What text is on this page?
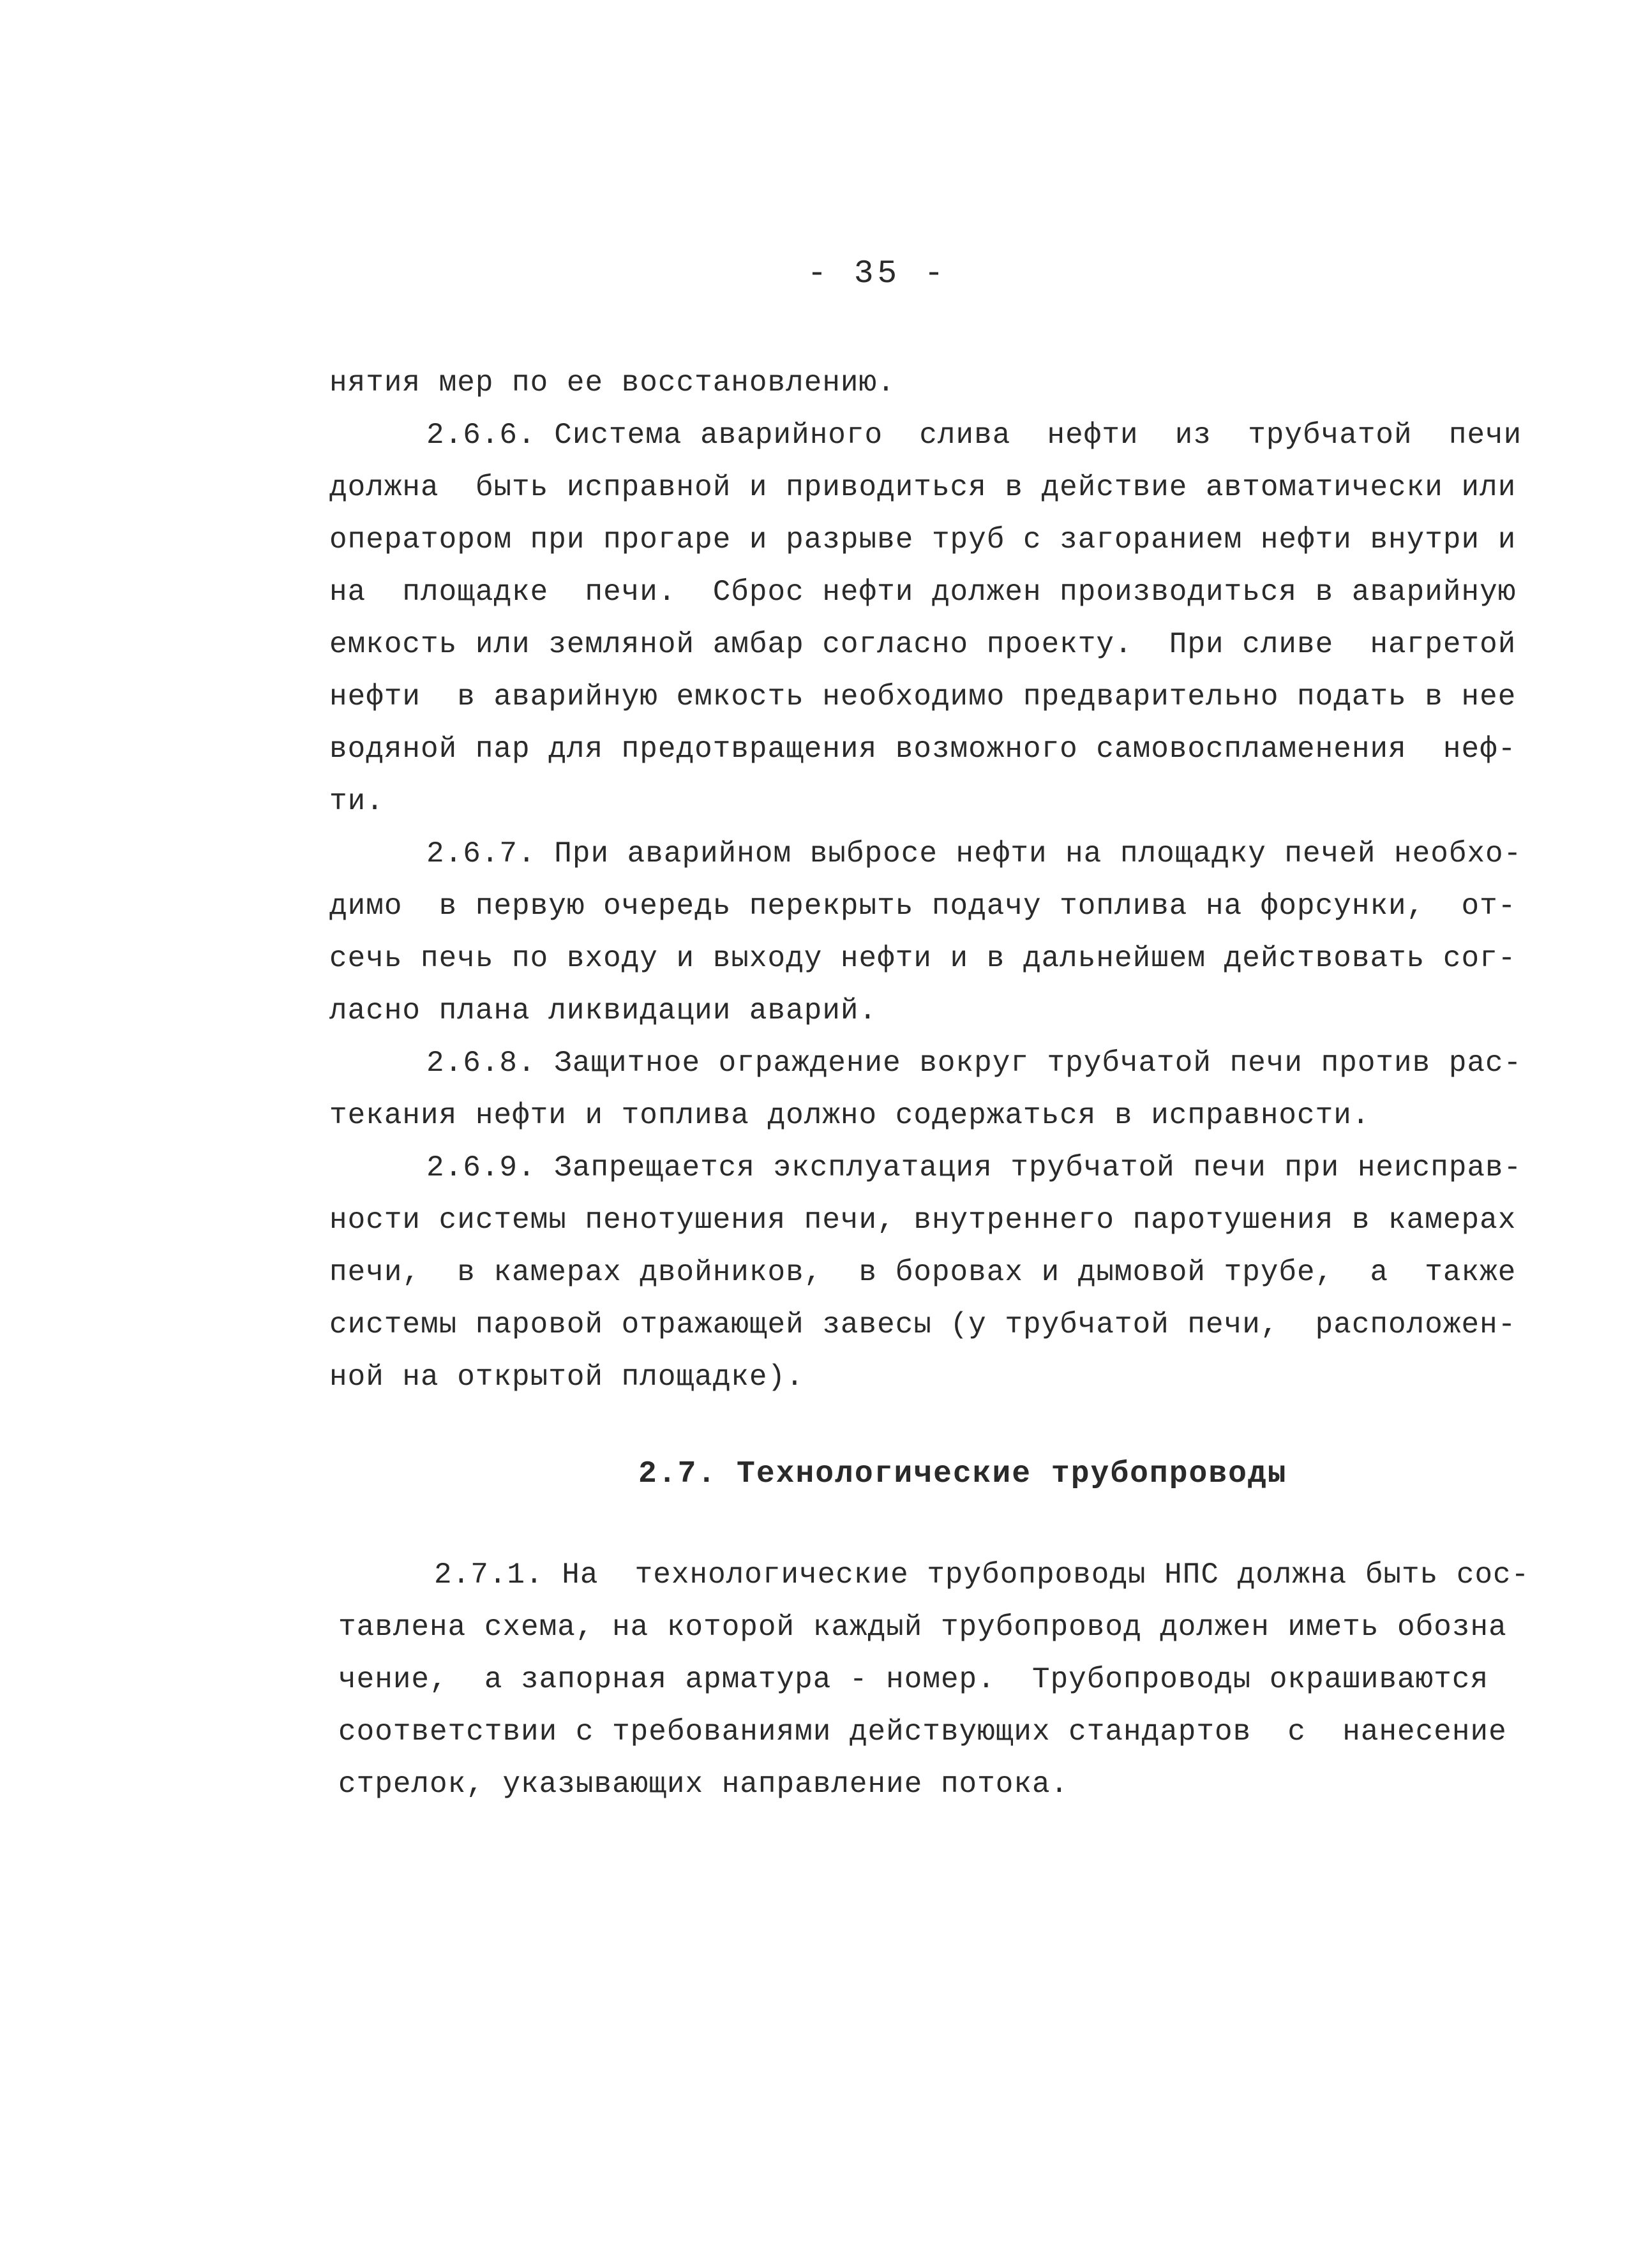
- 35 -
нятия мер по ее восстановлению.
2.6.6. Система аварийного  слива  нефти  из  трубчатой  печи
должна  быть исправной и приводиться в действие автоматически или
оператором при прогаре и разрыве труб с загоранием нефти внутри и
на  площадке  печи.  Сброс нефти должен производиться в аварийную
емкость или земляной амбар согласно проекту.  При сливе  нагретой
нефти  в аварийную емкость необходимо предварительно подать в нее
водяной пар для предотвращения возможного самовоспламенения  неф-
ти.
2.6.7. При аварийном выбросе нефти на площадку печей необхо-
димо  в первую очередь перекрыть подачу топлива на форсунки,  от-
сечь печь по входу и выходу нефти и в дальнейшем действовать сог-
ласно плана ликвидации аварий.
2.6.8. Защитное ограждение вокруг трубчатой печи против рас-
текания нефти и топлива должно содержаться в исправности.
2.6.9. Запрещается эксплуатация трубчатой печи при неисправ-
ности системы пенотушения печи, внутреннего паротушения в камерах
печи,  в камерах двойников,  в боровах и дымовой трубе,  а  также
системы паровой отражающей завесы (у трубчатой печи,  расположен-
ной на открытой площадке).
2.7. Технологические трубопроводы
2.7.1. На  технологические трубопроводы НПС должна быть сос-
тавлена схема, на которой каждый трубопровод должен иметь обозна
чение,  а запорная арматура - номер.  Трубопроводы окрашиваются
соответствии с требованиями действующих стандартов  с  нанесение
стрелок, указывающих направление потока.
